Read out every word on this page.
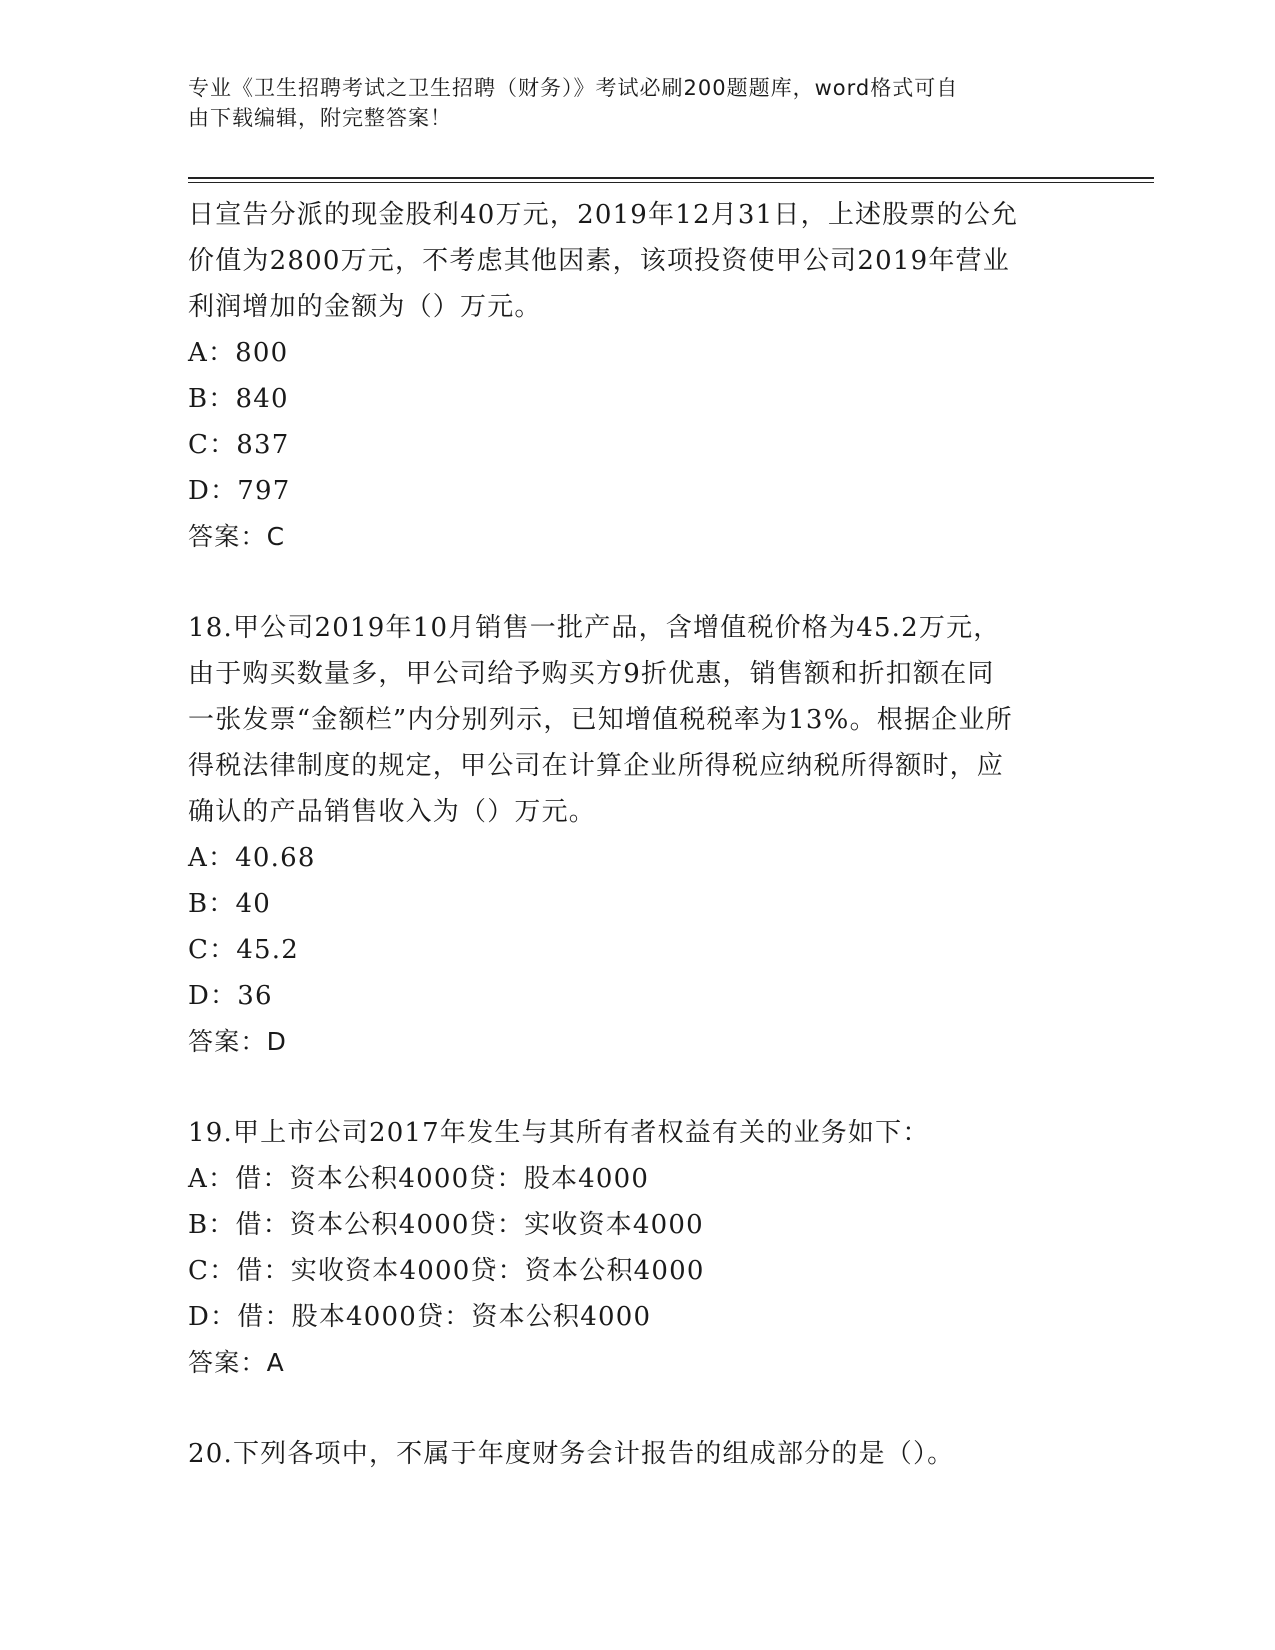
专业《卫生招聘考试之卫生招聘（财务）》考试必刷200题题库，word格式可自
由下载编辑，附完整答案！
日宣告分派的现金股利40万元，2019年12月31日，上述股票的公允
价值为2800万元，不考虑其他因素，该项投资使甲公司2019年营业
利润增加的金额为（）万元。
A：800
B：840
C：837
D：797
答案：C
18.甲公司2019年10月销售一批产品，含增值税价格为45.2万元，
由于购买数量多，甲公司给予购买方9折优惠，销售额和折扣额在同
一张发票“金额栏”内分别列示，已知增值税税率为13%。根据企业所
得税法律制度的规定，甲公司在计算企业所得税应纳税所得额时，应
确认的产品销售收入为（）万元。
A：40.68
B：40
C：45.2
D：36
答案：D
19.甲上市公司2017年发生与其所有者权益有关的业务如下：
A：借：资本公积4000贷：股本4000
B：借：资本公积4000贷：实收资本4000
C：借：实收资本4000贷：资本公积4000
D：借：股本4000贷：资本公积4000
答案：A
20.下列各项中，不属于年度财务会计报告的组成部分的是（）。
